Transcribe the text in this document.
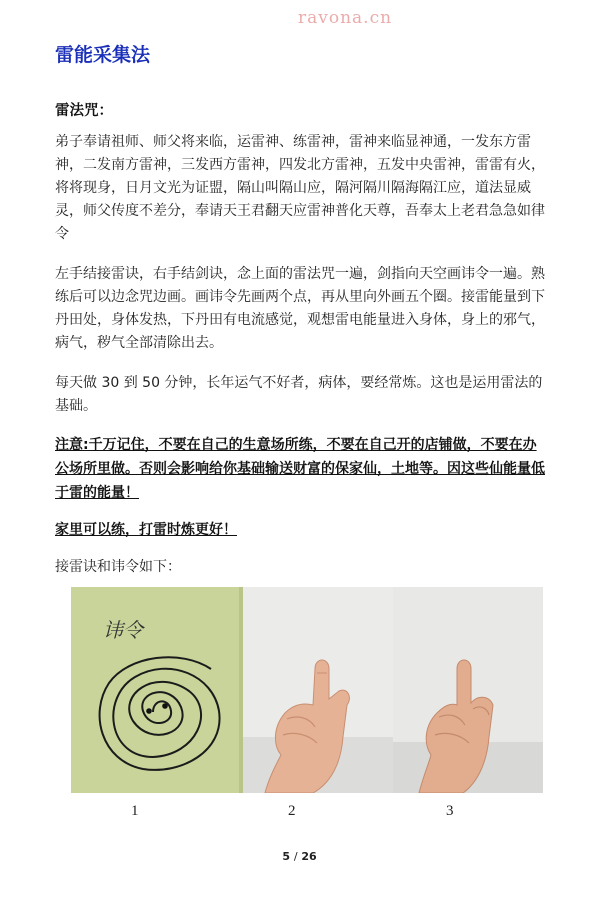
ravona.cn
雷能采集法
雷法咒：

弟子奉请祖师、师父将来临，运雷神、练雷神，雷神来临显神通，一发东方雷神，二发南方雷神，三发西方雷神，四发北方雷神，五发中央雷神，雷雷有火，将将现身，日月文光为证盟，隔山叫隔山应，隔河隔川隔海隔江应，道法显威灵，师父传度不差分，奉请天王君翻天应雷神普化天尊，吾奉太上老君急急如律令

左手结接雷诀，右手结剑诀，念上面的雷法咒一遍，剑指向天空画讳令一遍。熟练后可以边念咒边画。画讳令先画两个点，再从里向外画五个圈。接雷能量到下丹田处，身体发热，下丹田有电流感觉，观想雷电能量进入身体，身上的邪气，病气，秽气全部清除出去。

每天做 30 到 50 分钟，长年运气不好者，病体，要经常炼。这也是运用雷法的基础。

注意:千万记住，不要在自己的生意场所练，不要在自己开的店铺做，不要在办公场所里做。否则会影响给你基础输送财富的保家仙，土地等。因这些仙能量低于雷的能量！

家里可以练，打雷时炼更好！
接雷诀和讳令如下：
讳令
1	2	3
5 / 26
